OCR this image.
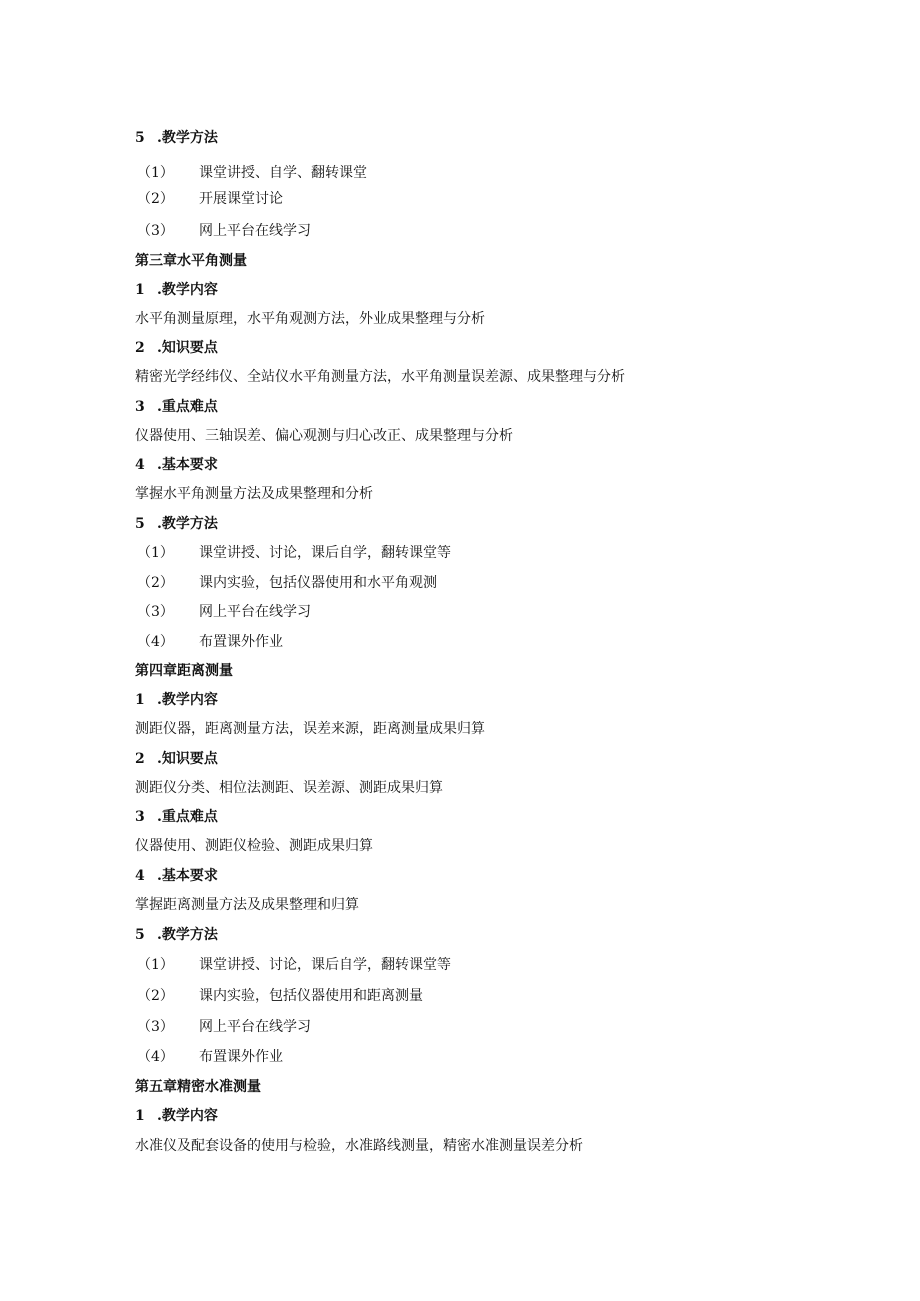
5 .教学方法
（1） 课堂讲授、自学、翻转课堂
（2） 开展课堂讨论
（3） 网上平台在线学习
第三章水平角测量
1 .教学内容
水平角测量原理，水平角观测方法，外业成果整理与分析
2 .知识要点
精密光学经纬仪、全站仪水平角测量方法，水平角测量误差源、成果整理与分析
3 .重点难点
仪器使用、三轴误差、偏心观测与归心改正、成果整理与分析
4 .基本要求
掌握水平角测量方法及成果整理和分析
5 .教学方法
（1） 课堂讲授、讨论，课后自学，翻转课堂等
（2） 课内实验，包括仪器使用和水平角观测
（3） 网上平台在线学习
（4） 布置课外作业
第四章距离测量
1 .教学内容
测距仪器，距离测量方法，误差来源，距离测量成果归算
2 .知识要点
测距仪分类、相位法测距、误差源、测距成果归算
3 .重点难点
仪器使用、测距仪检验、测距成果归算
4 .基本要求
掌握距离测量方法及成果整理和归算
5 .教学方法
（1） 课堂讲授、讨论，课后自学，翻转课堂等
（2） 课内实验，包括仪器使用和距离测量
（3） 网上平台在线学习
（4） 布置课外作业
第五章精密水准测量
1 .教学内容
水准仪及配套设备的使用与检验，水准路线测量，精密水准测量误差分析
